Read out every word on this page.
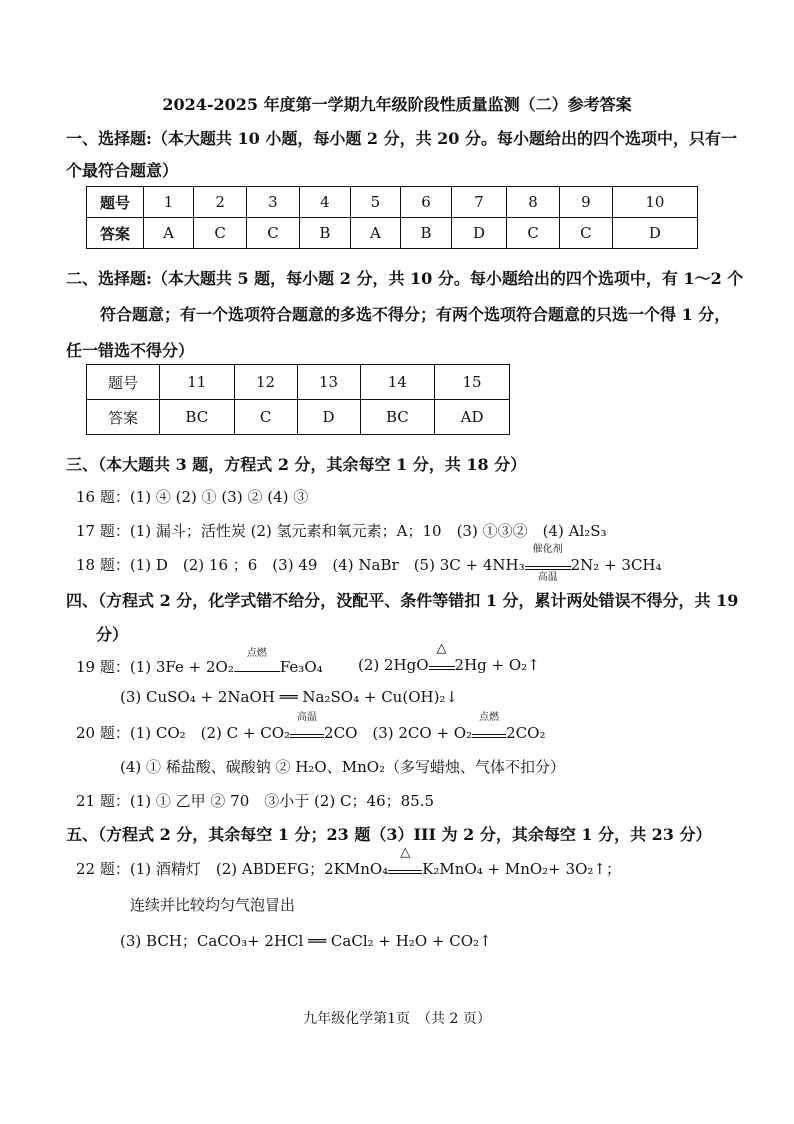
2024-2025 年度第一学期九年级阶段性质量监测（二）参考答案
一、选择题:（本大题共 10 小题，每小题 2 分，共 20 分。每小题给出的四个选项中，只有一
个最符合题意）
题号	1	2	3	4	5	6	7	8	9	10
答案	A	C	C	B	A	B	D	C	C	D
二、选择题:（本大题共 5 题，每小题 2 分，共 10 分。每小题给出的四个选项中，有 1～2 个
符合题意；有一个选项符合题意的多选不得分；有两个选项符合题意的只选一个得 1 分，
任一错选不得分）
题号	11	12	13	14	15
答案	BC	C	D	BC	AD
三、（本大题共 3 题，方程式 2 分，其余每空 1 分，共 18 分）
16 题：(1) ④ (2) ① (3) ② (4) ③
17 题：(1) 漏斗；活性炭 (2) 氢元素和氧元素；A；10　(3) ①③②　(4) Al₂S₃
18 题：(1) D　(2) 16 ；6　(3) 49　(4) NaBr　(5) 3C + 4NH₃
催化剂
高温
2N₂ + 3CH₄
四、（方程式 2 分，化学式错不给分，没配平、条件等错扣 1 分，累计两处错误不得分，共 19
分）
19 题：(1) 3Fe + 2O₂
点燃
Fe₃O₄ (2) 2HgO
△
2Hg + O₂↑
(3) CuSO₄ + 2NaOH ══ Na₂SO₄ + Cu(OH)₂↓
20 题：(1) CO₂　(2) C + CO₂
高温
2CO　(3) 2CO + O₂
点燃
2CO₂
(4) ① 稀盐酸、碳酸钠 ② H₂O、MnO₂（多写蜡烛、气体不扣分）
21 题：(1) ① 乙甲 ② 70　③小于 (2) C；46；85.5
五、（方程式 2 分，其余每空 1 分；23 题（3）III 为 2 分，其余每空 1 分，共 23 分）
22 题：(1) 酒精灯　(2) ABDEFG；2KMnO₄
△
K₂MnO₄ + MnO₂+ 3O₂↑；
连续并比较均匀气泡冒出
(3) BCH；CaCO₃+ 2HCl ══ CaCl₂ + H₂O + CO₂↑
九年级化学第1页　（共 2 页）
